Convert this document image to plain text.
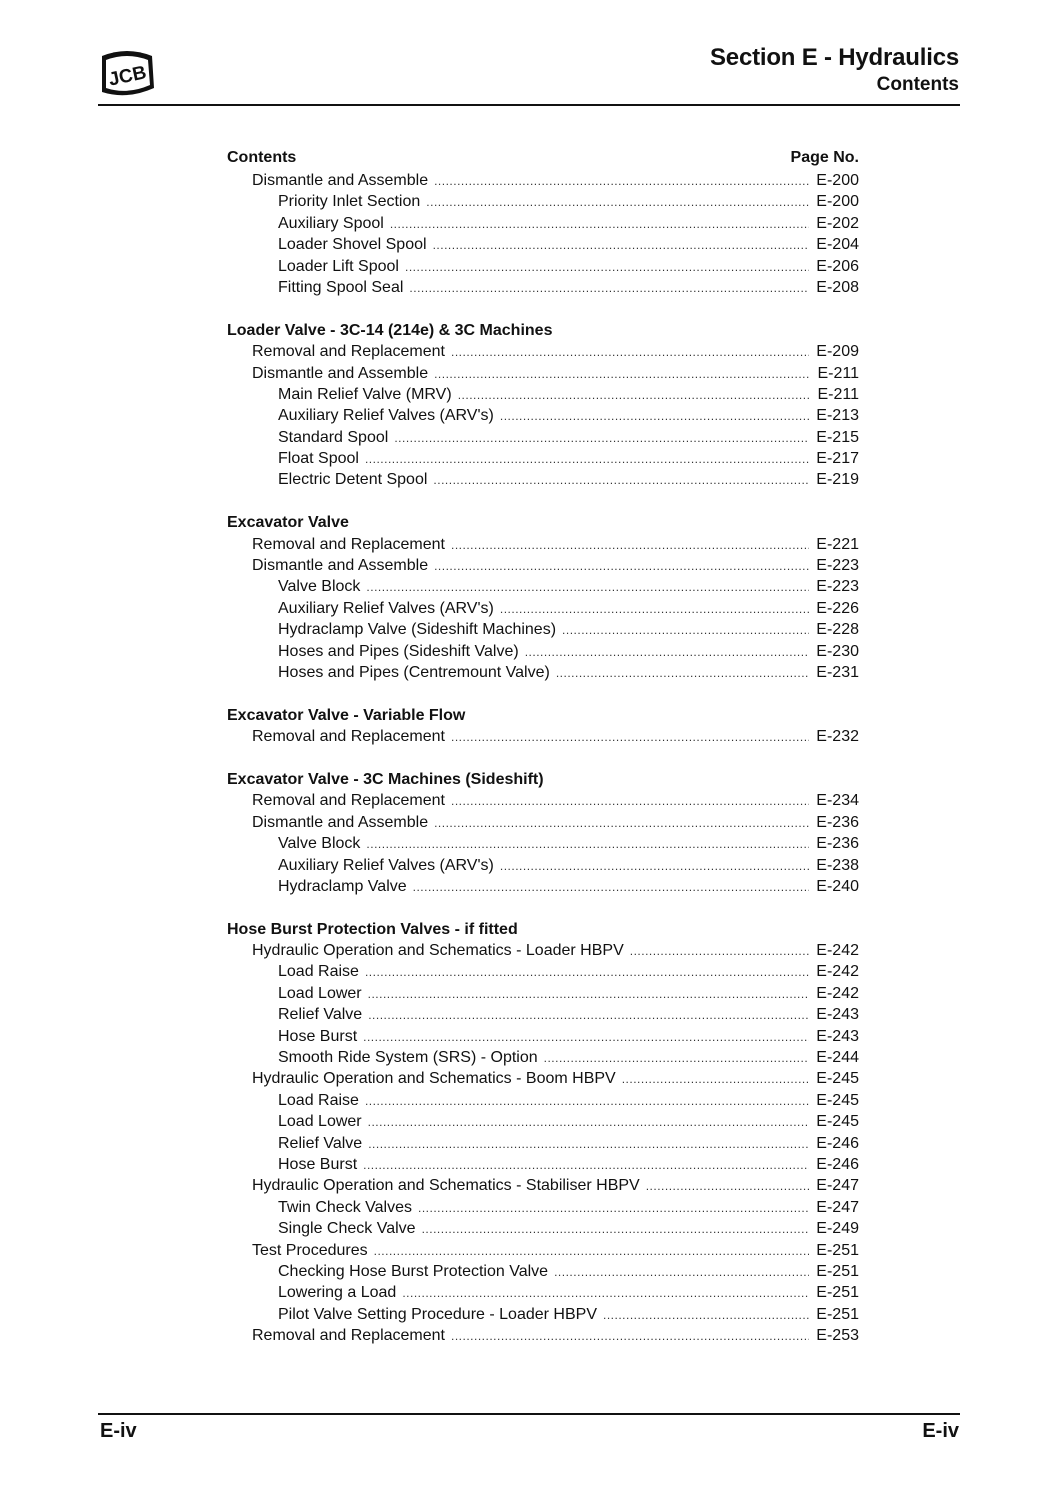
JCB
Section E - Hydraulics
Contents
Contents	Page No.
Dismantle and Assemble .....	E-200
Priority Inlet Section .....	E-200
Auxiliary Spool .....	E-202
Loader Shovel Spool .....	E-204
Loader Lift Spool .....	E-206
Fitting Spool Seal .....	E-208
Loader Valve - 3C-14 (214e) & 3C Machines
Removal and Replacement .....	E-209
Dismantle and Assemble .....	E-211
Main Relief Valve (MRV) .....	E-211
Auxiliary Relief Valves (ARV's) .....	E-213
Standard Spool .....	E-215
Float Spool .....	E-217
Electric Detent Spool .....	E-219
Excavator Valve
Removal and Replacement .....	E-221
Dismantle and Assemble .....	E-223
Valve Block .....	E-223
Auxiliary Relief Valves (ARV's) .....	E-226
Hydraclamp Valve (Sideshift Machines) .....	E-228
Hoses and Pipes (Sideshift Valve) .....	E-230
Hoses and Pipes (Centremount Valve) .....	E-231
Excavator Valve - Variable Flow
Removal and Replacement .....	E-232
Excavator Valve - 3C Machines (Sideshift)
Removal and Replacement .....	E-234
Dismantle and Assemble .....	E-236
Valve Block .....	E-236
Auxiliary Relief Valves (ARV's) .....	E-238
Hydraclamp Valve .....	E-240
Hose Burst Protection Valves - if fitted
Hydraulic Operation and Schematics - Loader HBPV .....	E-242
Load Raise .....	E-242
Load Lower .....	E-242
Relief Valve .....	E-243
Hose Burst .....	E-243
Smooth Ride System (SRS) - Option .....	E-244
Hydraulic Operation and Schematics - Boom HBPV .....	E-245
Load Raise .....	E-245
Load Lower .....	E-245
Relief Valve .....	E-246
Hose Burst .....	E-246
Hydraulic Operation and Schematics - Stabiliser HBPV .....	E-247
Twin Check Valves .....	E-247
Single Check Valve .....	E-249
Test Procedures .....	E-251
Checking Hose Burst Protection Valve .....	E-251
Lowering a Load .....	E-251
Pilot Valve Setting Procedure - Loader HBPV .....	E-251
Removal and Replacement .....	E-253
E-iv	E-iv
